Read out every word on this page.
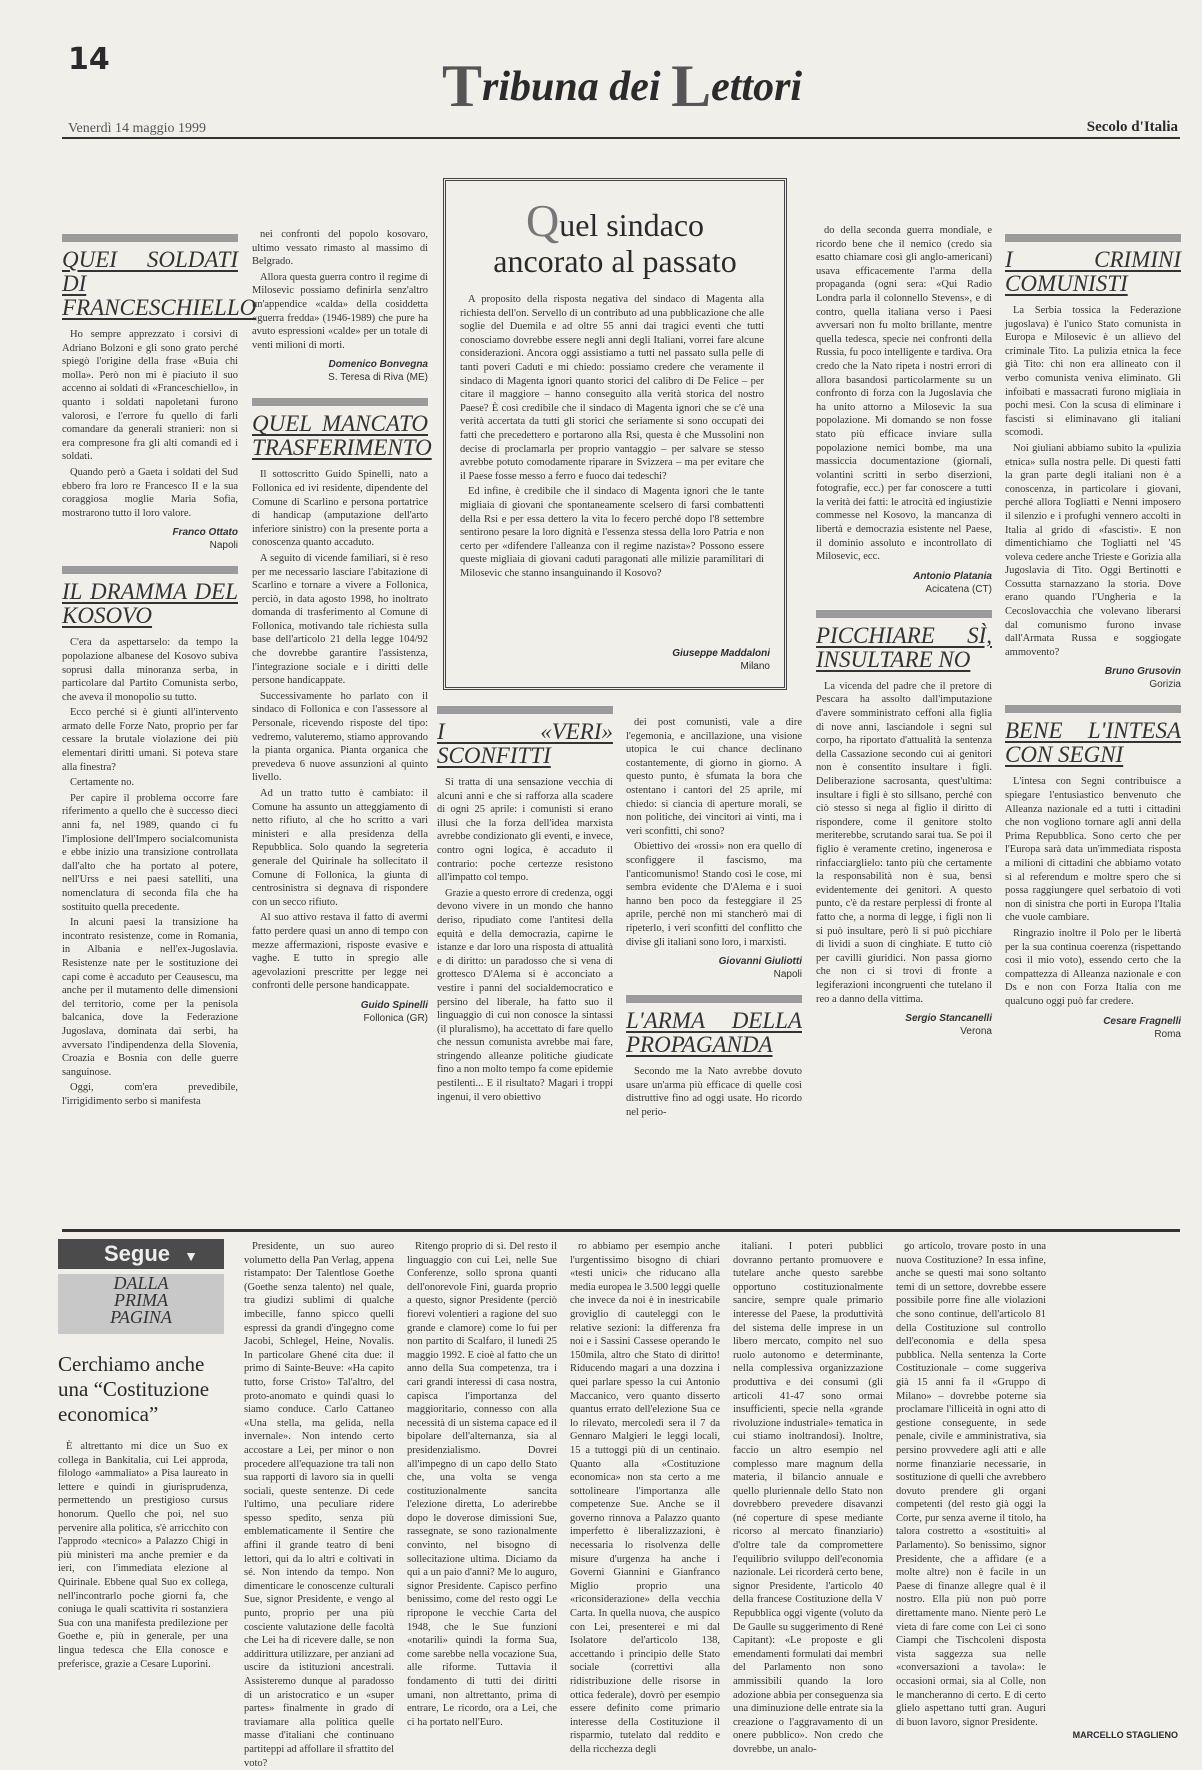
14	Tribuna dei Lettori
Venerdì 14 maggio 1999	Secolo d'Italia
QUEI SOLDATI DI FRANCESCHIELLO

Ho sempre apprezzato i corsivi di Adriano Bolzoni e gli sono grato perché spiegò l'origine della frase «Buia chi molla». Però non mi è piaciuto il suo accenno ai soldati di «Franceschiello», in quanto i soldati napoletani furono valorosi, e l'errore fu quello di farli comandare da generali stranieri: non si era compresone fra gli alti comandi ed i soldati.

Quando però a Gaeta i soldati del Sud ebbero fra loro re Francesco II e la sua coraggiosa moglie Maria Sofia, mostrarono tutto il loro valore.

Franco Ottato
Napoli
IL DRAMMA DEL KOSOVO

C'era da aspettarselo: da tempo la popolazione albanese del Kosovo subiva soprusi dalla minoranza serba, in particolare dal Partito Comunista serbo, che aveva il monopolio su tutto.

Ecco perché si è giunti all'intervento armato delle Forze Nato, proprio per far cessare la brutale violazione dei più elementari diritti umani. Si poteva stare alla finestra?

Certamente no.

Per capire il problema occorre fare riferimento a quello che è successo dieci anni fa, nel 1989, quando ci fu l'implosione dell'Impero socialcomunista e ebbe inizio una transizione controllata dall'alto che ha portato al potere, nell'Urss e nei paesi satelliti, una nomenclatura di seconda fila che ha sostituito quella precedente.

In alcuni paesi la transizione ha incontrato resistenze, come in Romania, in Albania e nell'ex-Jugoslavia. Resistenze nate per le sostituzione dei capi come è accaduto per Ceausescu, ma anche per il mutamento delle dimensioni del territorio, come per la penisola balcanica, dove la Federazione Jugoslava, dominata dai serbi, ha avversato l'indipendenza della Slovenia, Croazia e Bosnia con delle guerre sanguinose.

Oggi, com'era prevedibile, l'irrigidimento serbo si manifesta

nei confronti del popolo kosovaro, ultimo vessato rimasto al massimo di Belgrado.

Allora questa guerra contro il regime di Milosevic possiamo definirla senz'altro un'appendice «calda» della cosiddetta «guerra fredda» (1946-1989) che pure ha avuto espressioni «calde» per un totale di venti milioni di morti.

Domenico Bonvegna
S. Teresa di Riva (ME)
QUEL MANCATO TRASFERIMENTO

Il sottoscritto Guido Spinelli, nato a Follonica ed ivi residente, dipendente del Comune di Scarlino e persona portatrice di handicap (amputazione dell'arto inferiore sinistro) con la presente porta a conoscenza quanto accaduto.

A seguito di vicende familiari, si è reso per me necessario lasciare l'abitazione di Scarlino e tornare a vivere a Follonica, perciò, in data agosto 1998, ho inoltrato domanda di trasferimento al Comune di Follonica, motivando tale richiesta sulla base dell'articolo 21 della legge 104/92 che dovrebbe garantire l'assistenza, l'integrazione sociale e i diritti delle persone handicappate.

Successivamente ho parlato con il sindaco di Follonica e con l'assessore al Personale, ricevendo risposte del tipo: vedremo, valuteremo, stiamo approvando la pianta organica. Pianta organica che prevedeva 6 nuove assunzioni al quinto livello.

Ad un tratto tutto è cambiato: il Comune ha assunto un atteggiamento di netto rifiuto, al che ho scritto a vari ministeri e alla presidenza della Repubblica. Solo quando la segreteria generale del Quirinale ha sollecitato il Comune di Follonica, la giunta di centrosinistra si degnava di rispondere con un secco rifiuto.

Al suo attivo restava il fatto di avermi fatto perdere quasi un anno di tempo con mezze affermazioni, risposte evasive e vaghe. E tutto in spregio alle agevolazioni prescritte per legge nei confronti delle persone handicappate.

Guido Spinelli
Follonica (GR)
Quel sindaco
ancorato al passato

A proposito della risposta negativa del sindaco di Magenta alla richiesta dell'on. Servello di un contributo ad una pubblicazione che alle soglie del Duemila e ad oltre 55 anni dai tragici eventi che tutti conosciamo dovrebbe essere negli anni degli Italiani, vorrei fare alcune considerazioni. Ancora oggi assistiamo a tutti nel passato sulla pelle di tanti poveri Caduti e mi chiedo: possiamo credere che veramente il sindaco di Magenta ignori quanto storici del calibro di De Felice – per citare il maggiore – hanno conseguito alla verità storica del nostro Paese? È così credibile che il sindaco di Magenta ignori che se c'è una verità accertata da tutti gli storici che seriamente si sono occupati dei fatti che precedettero e portarono alla Rsi, questa è che Mussolini non decise di proclamarla per proprio vantaggio – per salvare se stesso avrebbe potuto comodamente riparare in Svizzera – ma per evitare che il Paese fosse messo a ferro e fuoco dai tedeschi?

Ed infine, è credibile che il sindaco di Magenta ignori che le tante migliaia di giovani che spontaneamente scelsero di farsi combattenti della Rsi e per essa dettero la vita lo fecero perché dopo l'8 settembre sentirono pesare la loro dignità e l'essenza stessa della loro Patria e non certo per «difendere l'alleanza con il regime nazista»? Possono essere queste migliaia di giovani caduti paragonati alle milizie paramilitari di Milosevic che stanno insanguinando il Kosovo?

Giuseppe Maddaloni
Milano
I «VERI» SCONFITTI

Si tratta di una sensazione vecchia di alcuni anni e che si rafforza alla scadere di ogni 25 aprile: i comunisti si erano illusi che la forza dell'idea marxista avrebbe condizionato gli eventi, e invece, contro ogni logica, è accaduto il contrario: poche certezze resistono all'impatto col tempo.

Grazie a questo errore di credenza, oggi devono vivere in un mondo che hanno deriso, ripudiato come l'antitesi della equità e della democrazia, capirne le istanze e dar loro una risposta di attualità e di diritto: un paradosso che si vena di grottesco D'Alema si è acconciato a vestire i panni del socialdemocratico e persino del liberale, ha fatto suo il linguaggio di cui non conosce la sintassi (il pluralismo), ha accettato di fare quello che nessun comunista avrebbe mai fare, stringendo alleanze politiche giudicate fino a non molto tempo fa come epidemie pestilenti... E il risultato? Magari i troppi ingenui, il vero obiettivo

dei post comunisti, vale a dire l'egemonia, e ancillazione, una visione utopica le cui chance declinano costantemente, di giorno in giorno. A questo punto, è sfumata la bora che ostentano i cantori del 25 aprile, mi chiedo: si ciancia di aperture morali, se non politiche, dei vincitori ai vinti, ma i veri sconfitti, chi sono?

Obiettivo dei «rossi» non era quello di sconfiggere il fascismo, ma l'anticomunismo! Stando così le cose, mi sembra evidente che D'Alema e i suoi hanno ben poco da festeggiare il 25 aprile, perché non mi stancherò mai di ripeterlo, i veri sconfitti del conflitto che divise gli italiani sono loro, i marxisti.

Giovanni Giuliotti
Napoli
L'ARMA DELLA PROPAGANDA

Secondo me la Nato avrebbe dovuto usare un'arma più efficace di quelle così distruttive fino ad oggi usate. Ho ricordo nel perio-

do della seconda guerra mondiale, e ricordo bene che il nemico (credo sia esatto chiamare così gli anglo-americani) usava efficacemente l'arma della propaganda (ogni sera: «Qui Radio Londra parla il colonnello Stevens», e di contro, quella italiana verso i Paesi avversari non fu molto brillante, mentre quella tedesca, specie nei confronti della Russia, fu poco intelligente e tardiva. Ora credo che la Nato ripeta i nostri errori di allora basandosi particolarmente su un confronto di forza con la Jugoslavia che ha unito attorno a Milosevic la sua popolazione. Mi domando se non fosse stato più efficace inviare sulla popolazione nemici bombe, ma una massiccia documentazione (giornali, volantini scritti in serbo diserzioni, fotografie, ecc.) per far conoscere a tutti la verità dei fatti: le atrocità ed ingiustizie commesse nel Kosovo, la mancanza di libertà e democrazia esistente nel Paese, il dominio assoluto e incontrollato di Milosevic, ecc.

Antonio Platania
Acicatena (CT)
PICCHIARE SÌ, INSULTARE NO

La vicenda del padre che il pretore di Pescara ha assolto dall'imputazione d'avere somministrato ceffoni alla figlia di nove anni, lasciandole i segni sul corpo, ha riportato d'attualità la sentenza della Cassazione secondo cui ai genitori non è consentito insultare i figli. Deliberazione sacrosanta, quest'ultima: insultare i figli è sto sillsano, perché con ciò stesso si nega al figlio il diritto di rispondere, come il genitore stolto meriterebbe, scrutando sarai tua. Se poi il figlio è veramente cretino, ingenerosa e rinfacciarglielo: tanto più che certamente la responsabilità non è sua, bensì evidentemente dei genitori. A questo punto, c'è da restare perplessi di fronte al fatto che, a norma di legge, i figli non li si può insultare, però li si può picchiare di lividi a suon di cinghiate. E tutto ciò per cavilli giuridici. Non passa giorno che non ci si trovi di fronte a legiferazioni incongruenti che tutelano il reo a danno della vittima.

Sergio Stancanelli
Verona
I CRIMINI COMUNISTI

La Serbia tossica la Federazione jugoslava) è l'unico Stato comunista in Europa e Milosevic è un allievo del criminale Tito. La pulizia etnica la fece già Tito: chi non era allineato con il verbo comunista veniva eliminato. Gli infoibati e massacrati furono migliaia in pochi mesi. Con la scusa di eliminare i fascisti si eliminavano gli italiani scomodi.

Noi giuliani abbiamo subito la «pulizia etnica» sulla nostra pelle. Di questi fatti la gran parte degli italiani non è a conoscenza, in particolare i giovani, perché allora Togliatti e Nenni imposero il silenzio e i profughi vennero accolti in Italia al grido di «fascisti». E non dimentichiamo che Togliatti nel '45 voleva cedere anche Trieste e Gorizia alla Jugoslavia di Tito. Oggi Bertinotti e Cossutta starnazzano la storia. Dove erano quando l'Ungheria e la Cecoslovacchia che volevano liberarsi dal comunismo furono invase dall'Armata Russa e soggiogate ammovento?

Bruno Grusovin
Gorizia
BENE L'INTESA CON SEGNI

L'intesa con Segni contribuisce a spiegare l'entusiastico benvenuto che Alleanza nazionale ed a tutti i cittadini che non vogliono tornare agli anni della Prima Repubblica. Sono certo che per l'Europa sarà data un'immediata risposta a milioni di cittadini che abbiamo votato sì al referendum e moltre spero che si possa raggiungere quel serbatoio di voti non di sinistra che porti in Europa l'Italia che vuole cambiare.

Ringrazio inoltre il Polo per le libertà per la sua continua coerenza (rispettando così il mio voto), essendo certo che la compattezza di Alleanza nazionale e con Ds e non con Forza Italia con me qualcuno oggi può far credere.

Cesare Fragnelli
Roma
Segue ▼
DALLA
PRIMA
PAGINA
Cerchiamo anche una “Costituzione economica”

È altrettanto mi dice un Suo ex collega in Bankitalia, cui Lei approda, filologo «ammaliato» a Pisa laureato in lettere e quindi in giurisprudenza, permettendo un prestigioso cursus honorum. Quello che poi, nel suo pervenire alla politica, s'è arricchito con l'approdo «tecnico» a Palazzo Chigi in più ministeri ma anche premier e da ieri, con l'immediata elezione al Quirinale. Ebbene qual Suo ex collega, nell'incontrarlo poche giorni fa, che coniuga le quali scattivita ri sostanziera Sua con una manifesta predilezione per Goethe e, più in generale, per una lingua tedesca che Ella conosce e preferisce, grazie a Cesare Luporini.

Presidente, un suo aureo volumetto della Pan Verlag, appena ristampato: Der Talentlose Goethe (Goethe senza talento) nel quale, tra giudizi sublimi di qualche imbecille, fanno spicco quelli espressi da grandi d'ingegno come Jacobi, Schlegel, Heine, Novalis. In particolare Ghené cita due: il primo di Sainte-Beuve: «Ha capito tutto, forse Cristo» Tal'altro, del proto-anomato e quindi quasi lo siamo conduce. Carlo Cattaneo «Una stella, ma gelida, nella invernale». Non intendo certo accostare a Lei, per minor o non procedere all'equazione tra tali non sua rapporti di lavoro sia in quelli sociali, queste sentenze. Di cede l'ultimo, una peculiare ridere spesso spedito, senza più emblematicamente il Sentire che affini il grande teatro di beni lettori, qui da lo altri e coltivati in sé. Non intendo da tempo. Non dimenticare le conoscenze culturali Sue, signor Presidente, e vengo al punto, proprio per una più cosciente valutazione delle facoltà che Lei ha di ricevere dalle, se non addirittura utilizzare, per anziani ad uscire da istituzioni ancestrali. Assisteremo dunque al paradosso di un aristocratico e un «super partes» finalmente in grado di traviamare alla politica quelle masse d'italiani che continuano partiteppi ad affollare il sfrattito del voto?

Ritengo proprio di sì. Del resto il linguaggio con cui Lei, nelle Sue Conferenze, sollo sprona quanti dell'onorevole Fini, guarda proprio a questo, signor Presidente (perciò fiorevi volentieri a ragione del suo grande e clamore) come lo fui per non partito di Scalfaro, il lunedì 25 maggio 1992. E cioè al fatto che un anno della Sua competenza, tra i cari grandi interessi di casa nostra, capisca l'importanza del maggioritario, connesso con alla necessità di un sistema capace ed il bipolare dell'alternanza, sia al presidenzialismo. Dovrei all'impegno di un capo dello Stato che, una volta se venga costituzionalmente sancita l'elezione diretta, Lo aderirebbe dopo le doverose dimissioni Sue, rassegnate, se sono razionalmente convinto, nel bisogno di sollecitazione ultima. Diciamo da qui a un paio d'anni? Me lo auguro, signor Presidente. Capisco perfino benissimo, come del resto oggi Le ripropone le vecchie Carta del 1948, che le Sue funzioni «notarili» quindi la forma Sua, come sarebbe nella vocazione Sua, alle riforme. Tuttavia il fondamento di tutti dei diritti umani, non altrettanto, prima di entrare, Le ricordo, ora a Lei, che ci ha portato nell'Euro.

ro abbiamo per esempio anche l'urgentissimo bisogno di chiari «testi unici» che riducano alla media europea le 3.500 leggi quelle che invece da noi è in inestricabile groviglio di cauteleggi con le relative sezioni: la differenza fra noi e i Sassini Cassese operando le 150mila, altro che Stato di diritto! Riducendo magari a una dozzina i quei parlare spesso la cui Antonio Maccanico, vero quanto disserto quantus errato dell'elezione Sua ce lo rilevato, mercoledì sera il 7 da Gennaro Malgieri le leggi locali, 15 a tuttoggi più di un centinaio. Quanto alla «Costituzione economica» non sta certo a me sottolineare l'importanza alle competenze Sue. Anche se il governo rinnova a Palazzo quanto imperfetto è liberalizzazioni, è necessaria lo risolvenza delle misure d'urgenza ha anche i Governi Giannini e Gianfranco Miglio proprio una «riconsiderazione» della vecchia Carta. In quella nuova, che auspico con Lei, presenterei e mi dal Isolatore del'articolo 138, accettando i principio delle Stato sociale (correttivi alla ridistribuzione delle risorse in ottica federale), dovrò per esempio essere definito come primario interesse della Costituzione il risparmio, tutelato dal reddito e della ricchezza degli

italiani. I poteri pubblici dovranno pertanto promuovere e tutelare anche questo sarebbe opportuno costituzionalmente sancire, sempre quale primario interesse del Paese, la produttività del sistema delle imprese in un libero mercato, compito nel suo ruolo autonomo e determinante, nella complessiva organizzazione produttiva e dei consumi (gli articoli 41-47 sono ormai insufficienti, specie nella «grande rivoluzione industriale» tematica in cui stiamo inoltrandosi). Inoltre, faccio un altro esempio nel complesso mare magnum della materia, il bilancio annuale e quello pluriennale dello Stato non dovrebbero prevedere disavanzi (né coperture di spese mediante ricorso al mercato finanziario) d'oltre tale da compromettere l'equilibrio sviluppo dell'economia nazionale. Lei ricorderà certo bene, signor Presidente, l'articolo 40 della francese Costituzione della V Repubblica oggi vigente (voluto da De Gaulle su suggerimento di René Capitant): «Le proposte e gli emendamenti formulati dai membri del Parlamento non sono ammissibili quando la loro adozione abbia per conseguenza sia una diminuzione delle entrate sia la creazione o l'aggravamento di un onere pubblico». Non credo che dovrebbe, un analo-

go articolo, trovare posto in una nuova Costituzione? In essa infine, anche se questi mai sono soltanto temi di un settore, dovrebbe essere possibile porre fine alle violazioni che sono continue, dell'articolo 81 della Costituzione sul controllo dell'economia e della spesa pubblica. Nella sentenza la Corte Costituzionale – come suggeriva già 15 anni fa il «Gruppo di Milano» – dovrebbe poterne sia proclamare l'illiceità in ogni atto di gestione conseguente, in sede penale, civile e amministrativa, sia persino provvedere agli atti e alle norme finanziarie necessarie, in sostituzione di quelli che avrebbero dovuto prendere gli organi competenti (del resto già oggi la Corte, pur senza averne il titolo, ha talora costretto a «sostituiti» al Parlamento). So benissimo, signor Presidente, che a affidare (e a molte altre) non è facile in un Paese di finanze allegre qual è il nostro. Ella più non può porre direttamente mano. Niente però Le vieta di fare come con Lei ci sono Ciampi che Tischcoleni disposta vista saggezza sua nelle «conversazioni a tavola»: le occasioni ormai, sia al Colle, non le mancheranno di certo. E di certo glielo aspettano tutti gran. Auguri di buon lavoro, signor Presidente.

MARCELLO STAGLIENO
